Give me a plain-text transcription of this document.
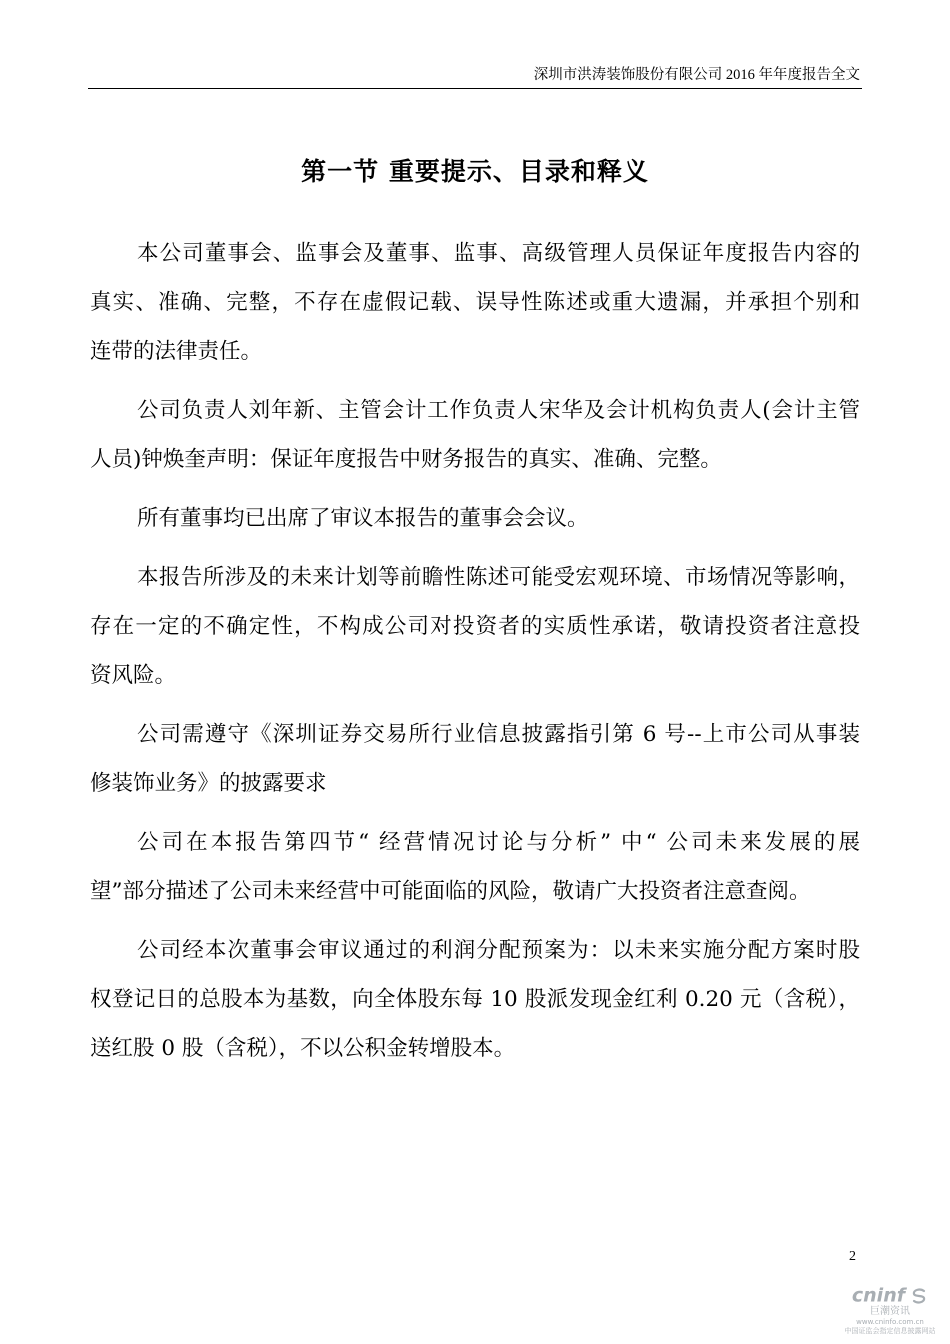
深圳市洪涛装饰股份有限公司 2016 年年度报告全文
第一节 重要提示、目录和释义
本公司董事会、监事会及董事、监事、高级管理人员保证年度报告内容的
真实、准确、完整，不存在虚假记载、误导性陈述或重大遗漏，并承担个别和
连带的法律责任。
公司负责人刘年新、主管会计工作负责人宋华及会计机构负责人(会计主管
人员)钟焕奎声明：保证年度报告中财务报告的真实、准确、完整。
所有董事均已出席了审议本报告的董事会会议。
本报告所涉及的未来计划等前瞻性陈述可能受宏观环境、市场情况等影响，
存在一定的不确定性，不构成公司对投资者的实质性承诺，敬请投资者注意投
资风险。
公司需遵守《深圳证券交易所行业信息披露指引第 6 号--上市公司从事装
修装饰业务》的披露要求
公司在本报告第四节“ 经营情况讨论与分析” 中“ 公司未来发展的展
望”部分描述了公司未来经营中可能面临的风险，敬请广大投资者注意查阅。
公司经本次董事会审议通过的利润分配预案为：以未来实施分配方案时股
权登记日的总股本为基数，向全体股东每 10 股派发现金红利 0.20 元（含税），
送红股 0 股（含税），不以公积金转增股本。
2
cninf
巨潮资讯
www.cninfo.com.cn
中国证监会指定信息披露网站
